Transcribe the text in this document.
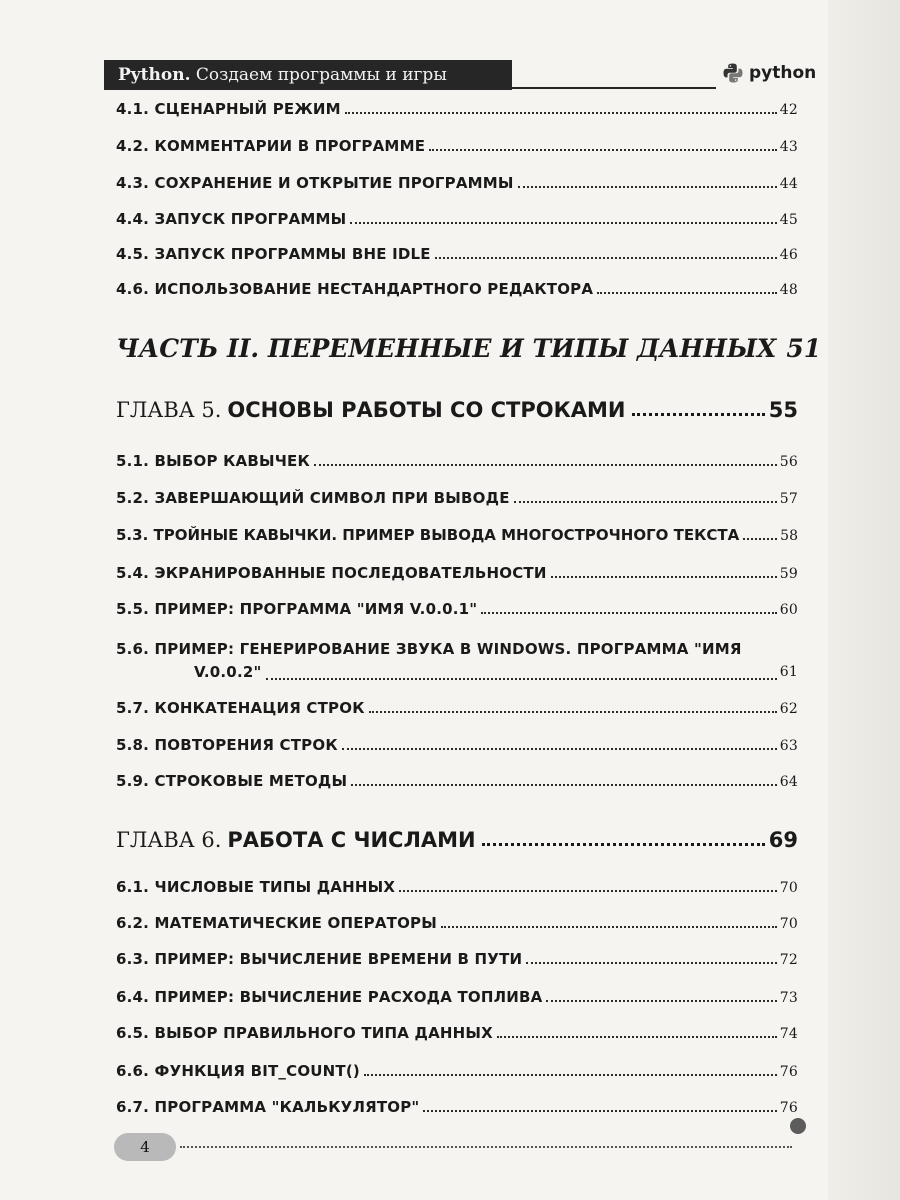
Python. Создаем программы и игры	python
4.1. СЦЕНАРНЫЙ РЕЖИМ	42
4.2. КОММЕНТАРИИ В ПРОГРАММЕ	43
4.3. СОХРАНЕНИЕ И ОТКРЫТИЕ ПРОГРАММЫ	44
4.4. ЗАПУСК ПРОГРАММЫ	45
4.5. ЗАПУСК ПРОГРАММЫ ВНЕ IDLE	46
4.6. ИСПОЛЬЗОВАНИЕ НЕСТАНДАРТНОГО РЕДАКТОРА	48
ЧАСТЬ II. ПЕРЕМЕННЫЕ И ТИПЫ ДАННЫХ 51
ГЛАВА 5. ОСНОВЫ РАБОТЫ СО СТРОКАМИ	55
5.1. ВЫБОР КАВЫЧЕК	56
5.2. ЗАВЕРШАЮЩИЙ СИМВОЛ ПРИ ВЫВОДЕ	57
5.3. ТРОЙНЫЕ КАВЫЧКИ. ПРИМЕР ВЫВОДА МНОГОСТРОЧНОГО ТЕКСТА	58
5.4. ЭКРАНИРОВАННЫЕ ПОСЛЕДОВАТЕЛЬНОСТИ	59
5.5. ПРИМЕР: ПРОГРАММА "ИМЯ V.0.0.1"	60
5.6. ПРИМЕР: ГЕНЕРИРОВАНИЕ ЗВУКА В WINDOWS. ПРОГРАММА "ИМЯ
V.0.0.2"	61
5.7. КОНКАТЕНАЦИЯ СТРОК	62
5.8. ПОВТОРЕНИЯ СТРОК	63
5.9. СТРОКОВЫЕ МЕТОДЫ	64
ГЛАВА 6. РАБОТА С ЧИСЛАМИ	69
6.1. ЧИСЛОВЫЕ ТИПЫ ДАННЫХ	70
6.2. МАТЕМАТИЧЕСКИЕ ОПЕРАТОРЫ	70
6.3. ПРИМЕР: ВЫЧИСЛЕНИЕ ВРЕМЕНИ В ПУТИ	72
6.4. ПРИМЕР: ВЫЧИСЛЕНИЕ РАСХОДА ТОПЛИВА	73
6.5. ВЫБОР ПРАВИЛЬНОГО ТИПА ДАННЫХ	74
6.6. ФУНКЦИЯ BIT_COUNT()	76
6.7. ПРОГРАММА "КАЛЬКУЛЯТОР"	76
4
